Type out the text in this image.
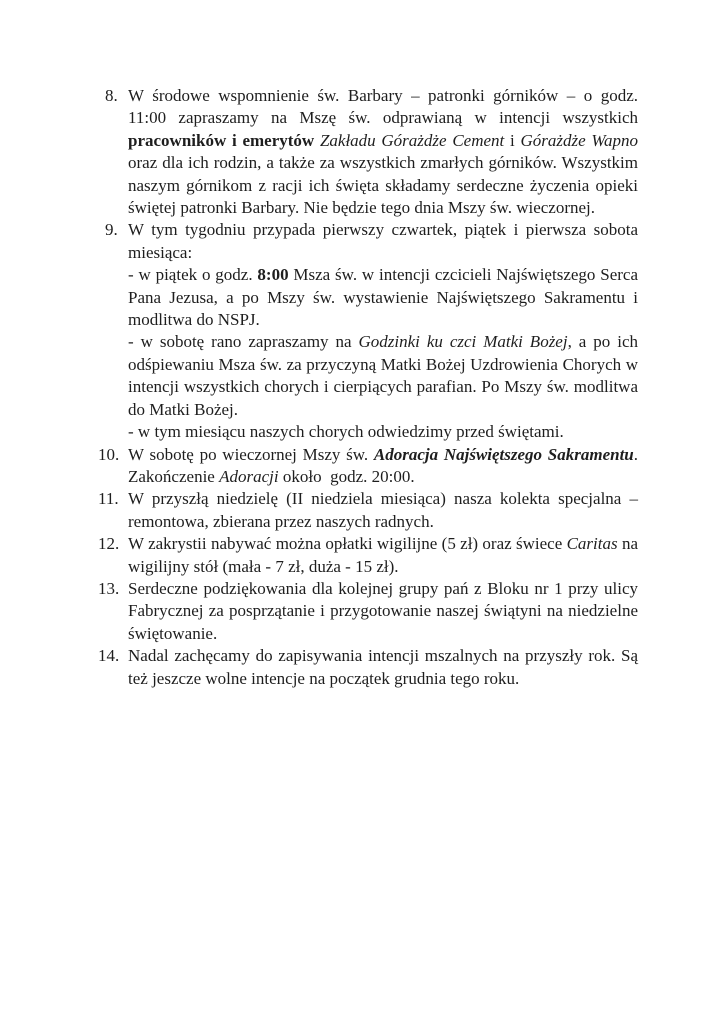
8. W środowe wspomnienie św. Barbary – patronki górników – o godz. 11:00 zapraszamy na Mszę św. odprawianą w intencji wszystkich pracowników i emerytów Zakładu Górażdże Cement i Górażdże Wapno oraz dla ich rodzin, a także za wszystkich zmarłych górników. Wszystkim naszym górnikom z racji ich święta składamy serdeczne życzenia opieki świętej patronki Barbary. Nie będzie tego dnia Mszy św. wieczornej.
9. W tym tygodniu przypada pierwszy czwartek, piątek i pierwsza sobota miesiąca:
- w piątek o godz. 8:00 Msza św. w intencji czcicieli Najświętszego Serca Pana Jezusa, a po Mszy św. wystawienie Najświętszego Sakramentu i modlitwa do NSPJ.
- w sobotę rano zapraszamy na Godzinki ku czci Matki Bożej, a po ich odśpiewaniu Msza św. za przyczyną Matki Bożej Uzdrowienia Chorych w intencji wszystkich chorych i cierpiących parafian. Po Mszy św. modlitwa do Matki Bożej.
- w tym miesiącu naszych chorych odwiedzimy przed świętami.
10. W sobotę po wieczornej Mszy św. Adoracja Najświętszego Sakramentu. Zakończenie Adoracji około  godz. 20:00.
11. W przyszłą niedzielę (II niedziela miesiąca) nasza kolekta specjalna – remontowa, zbierana przez naszych radnych.
12. W zakrystii nabywać można opłatki wigilijne (5 zł) oraz świece Caritas na wigilijny stół (mała - 7 zł, duża - 15 zł).
13. Serdeczne podziękowania dla kolejnej grupy pań z Bloku nr 1 przy ulicy Fabrycznej za posprzątanie i przygotowanie naszej świątyni na niedzielne świętowanie.
14. Nadal zachęcamy do zapisywania intencji mszalnych na przyszły rok. Są też jeszcze wolne intencje na początek grudnia tego roku.
